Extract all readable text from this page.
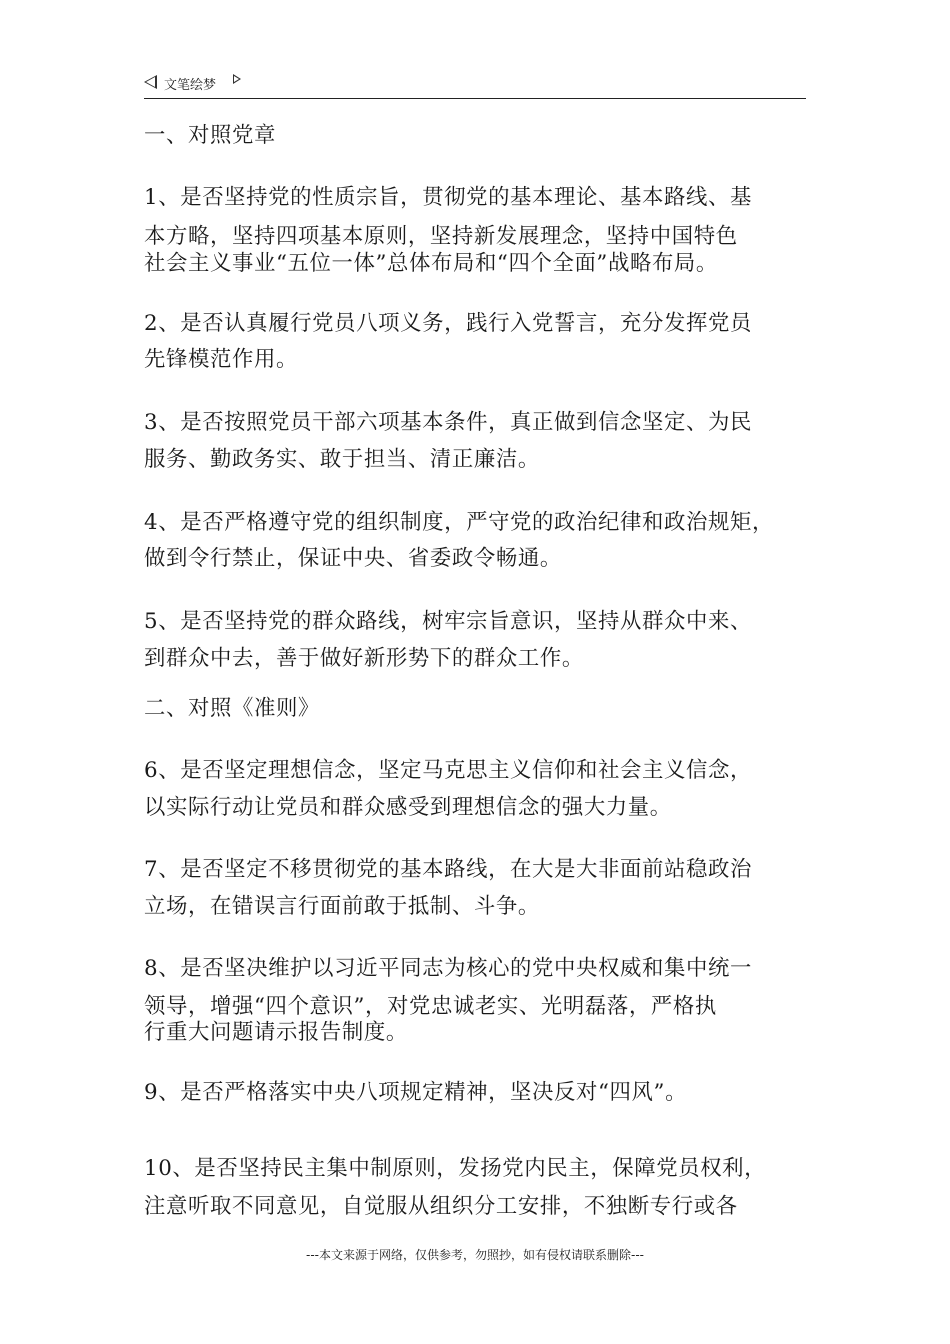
文笔绘梦
一、对照党章
1、是否坚持党的性质宗旨，贯彻党的基本理论、基本路线、基
本方略，坚持四项基本原则，坚持新发展理念，坚持中国特色
社会主义事业“五位一体”总体布局和“四个全面”战略布局。
2、是否认真履行党员八项义务，践行入党誓言，充分发挥党员
先锋模范作用。
3、是否按照党员干部六项基本条件，真正做到信念坚定、为民
服务、勤政务实、敢于担当、清正廉洁。
4、是否严格遵守党的组织制度，严守党的政治纪律和政治规矩，
做到令行禁止，保证中央、省委政令畅通。
5、是否坚持党的群众路线，树牢宗旨意识，坚持从群众中来、
到群众中去，善于做好新形势下的群众工作。
二、对照《准则》
6、是否坚定理想信念，坚定马克思主义信仰和社会主义信念，
以实际行动让党员和群众感受到理想信念的强大力量。
7、是否坚定不移贯彻党的基本路线，在大是大非面前站稳政治
立场，在错误言行面前敢于抵制、斗争。
8、是否坚决维护以习近平同志为核心的党中央权威和集中统一
领导，增强“四个意识”，对党忠诚老实、光明磊落，严格执
行重大问题请示报告制度。
9、是否严格落实中央八项规定精神，坚决反对“四风”。
10、是否坚持民主集中制原则，发扬党内民主，保障党员权利，
注意听取不同意见，自觉服从组织分工安排，不独断专行或各
---本文来源于网络，仅供参考，勿照抄，如有侵权请联系删除---
